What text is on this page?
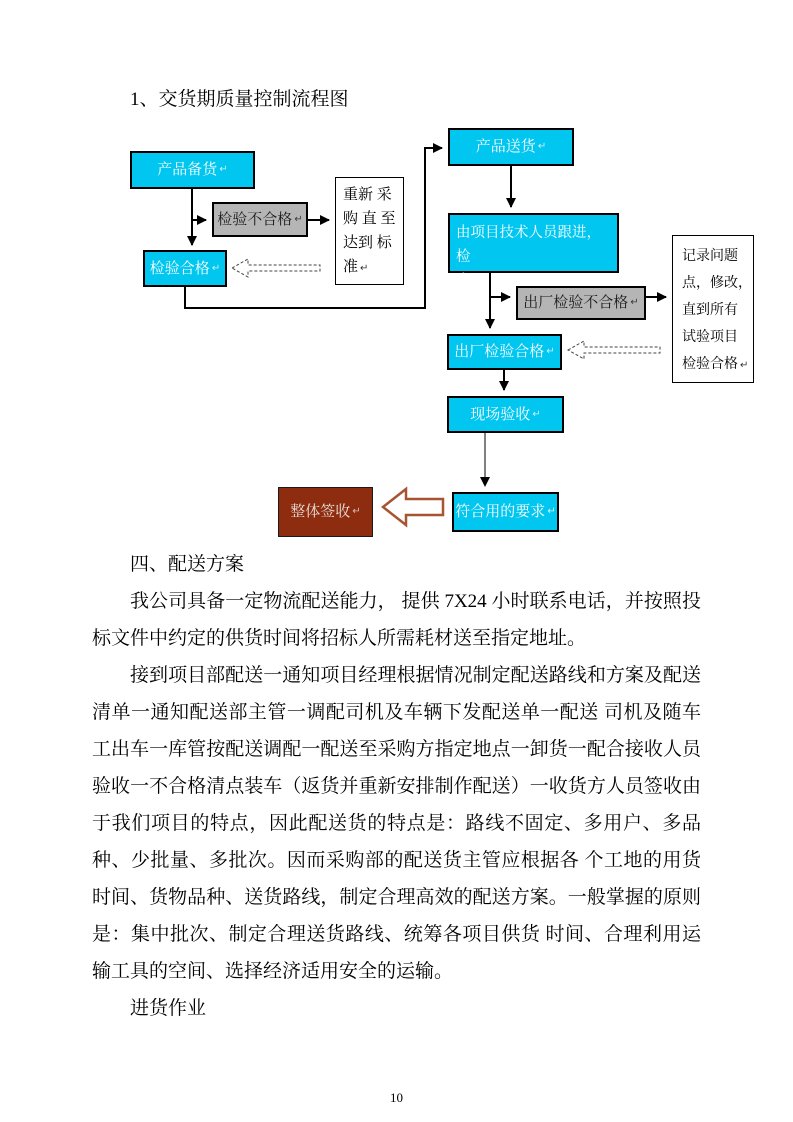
1、交货期质量控制流程图
产品备货 ↵
检验不合格 ↵
重新 采
购 直 至
达到 标
准 ↵
检验合格 ↵
产品送货 ↵
由项目技术人员跟进，检
查 ↵
出厂检验不合格 ↵
记录问题
点，修改，
直到所有
试验项目
检验合格 ↵
出厂检验合格 ↵
现场验收 ↵
符合用的要求 ↵
整体签收 ↵

四、配送方案

我公司具备一定物流配送能力， 提供 7X24 小时联系电话，并按照投标文件中约定的供货时间将招标人所需耗材送至指定地址。

接到项目部配送一通知项目经理根据情况制定配送路线和方案及配送清单一通知配送部主管一调配司机及车辆下发配送单一配送 司机及随车工出车一库管按配送调配一配送至采购方指定地点一卸货一配合接收人员验收一不合格清点装车（返货并重新安排制作配送）一收货方人员签收由于我们项目的特点，因此配送货的特点是：路线不固定、多用户、多品种、少批量、多批次。因而采购部的配送货主管应根据各 个工地的用货时间、货物品种、送货路线，制定合理高效的配送方案。一般掌握的原则是：集中批次、制定合理送货路线、统筹各项目供货 时间、合理利用运输工具的空间、选择经济适用安全的运输。

进货作业

10
